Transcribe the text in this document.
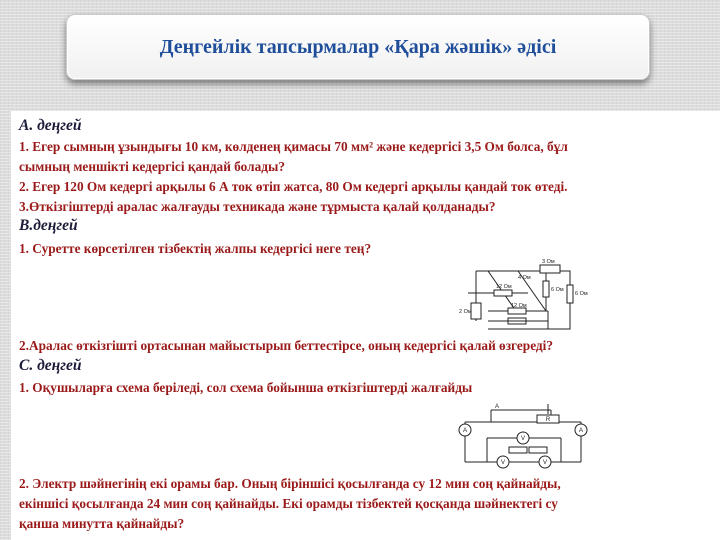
Деңгейлік тапсырмалар «Қара жәшік» әдісі
А. деңгей
1. Егер сымның ұзындығы 10 км, көлденең қимасы 70 мм² және кедергісі 3,5 Ом болса, бұл
сымның меншікті кедергісі қандай болады?
2. Егер 120 Ом кедергі арқылы 6 А ток өтіп жатса, 80 Ом кедергі арқылы қандай ток өтеді.
3.Өткізгіштерді аралас жалғауды техникада және тұрмыста қалай қолданады?
В.деңгей
1. Суретте көрсетілген тізбектің жалпы кедергісі неге тең?
12 Ом
3 Ом
6 Ом
6 Ом
4 Ом
12 Ом
2 Ом
2.Аралас өткізгішті ортасынан майыстырып беттестірсе, оның кедергісі қалай өзгереді?
С. деңгей
1. Оқушыларға схема беріледі, сол схема бойынша өткізгіштерді жалғайды
A	A
V
V	V
A
R
2. Электр шәйнегінің екі орамы бар. Оның біріншісі қосылғанда су 12 мин соң қайнайды,
екіншісі қосылғанда 24 мин соң қайнайды. Екі орамды тізбектей қосқанда шәйнектегі су
қанша минутта қайнайды?
